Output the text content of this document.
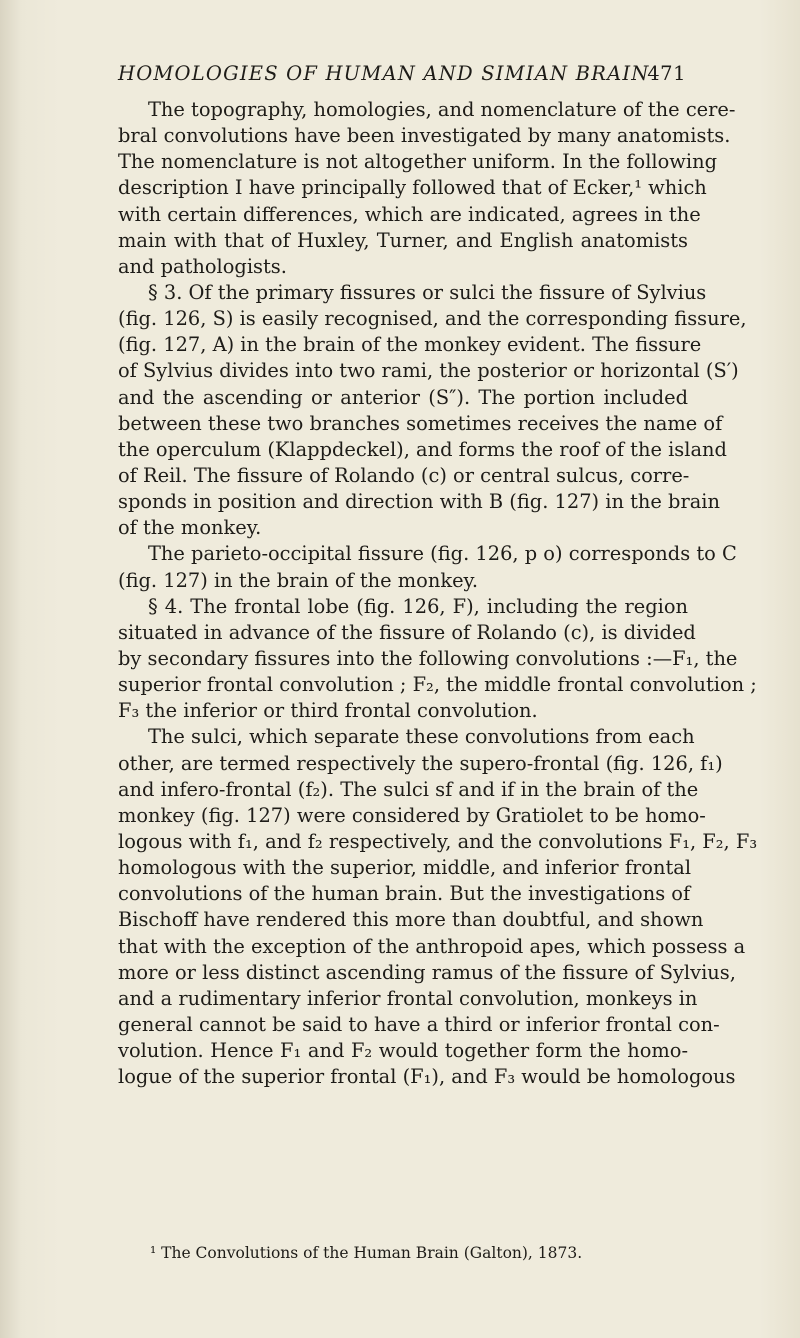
HOMOLOGIES OF HUMAN AND SIMIAN BRAIN
471
The topography, homologies, and nomenclature of the cere-
bral convolutions have been investigated by many anatomists.
The nomenclature is not altogether uniform. In the following
description I have principally followed that of Ecker,¹ which
with certain differences, which are indicated, agrees in the
main with that of Huxley, Turner, and English anatomists
and pathologists.
§ 3. Of the primary fissures or sulci the fissure of Sylvius
(fig. 126, S) is easily recognised, and the corresponding fissure,
(fig. 127, A) in the brain of the monkey evident. The fissure
of Sylvius divides into two rami, the posterior or horizontal (S′)
and the ascending or anterior (S″). The portion included
between these two branches sometimes receives the name of
the operculum (Klappdeckel), and forms the roof of the island
of Reil. The fissure of Rolando (c) or central sulcus, corre-
sponds in position and direction with B (fig. 127) in the brain
of the monkey.
The parieto-occipital fissure (fig. 126, p o) corresponds to C
(fig. 127) in the brain of the monkey.
§ 4. The frontal lobe (fig. 126, F), including the region
situated in advance of the fissure of Rolando (c), is divided
by secondary fissures into the following convolutions :—F₁, the
superior frontal convolution ; F₂, the middle frontal convolution ;
F₃ the inferior or third frontal convolution.
The sulci, which separate these convolutions from each
other, are termed respectively the supero-frontal (fig. 126, f₁)
and infero-frontal (f₂). The sulci sf and if in the brain of the
monkey (fig. 127) were considered by Gratiolet to be homo-
logous with f₁, and f₂ respectively, and the convolutions F₁, F₂, F₃
homologous with the superior, middle, and inferior frontal
convolutions of the human brain. But the investigations of
Bischoff have rendered this more than doubtful, and shown
that with the exception of the anthropoid apes, which possess a
more or less distinct ascending ramus of the fissure of Sylvius,
and a rudimentary inferior frontal convolution, monkeys in
general cannot be said to have a third or inferior frontal con-
volution. Hence F₁ and F₂ would together form the homo-
logue of the superior frontal (F₁), and F₃ would be homologous
¹ The Convolutions of the Human Brain (Galton), 1873.
